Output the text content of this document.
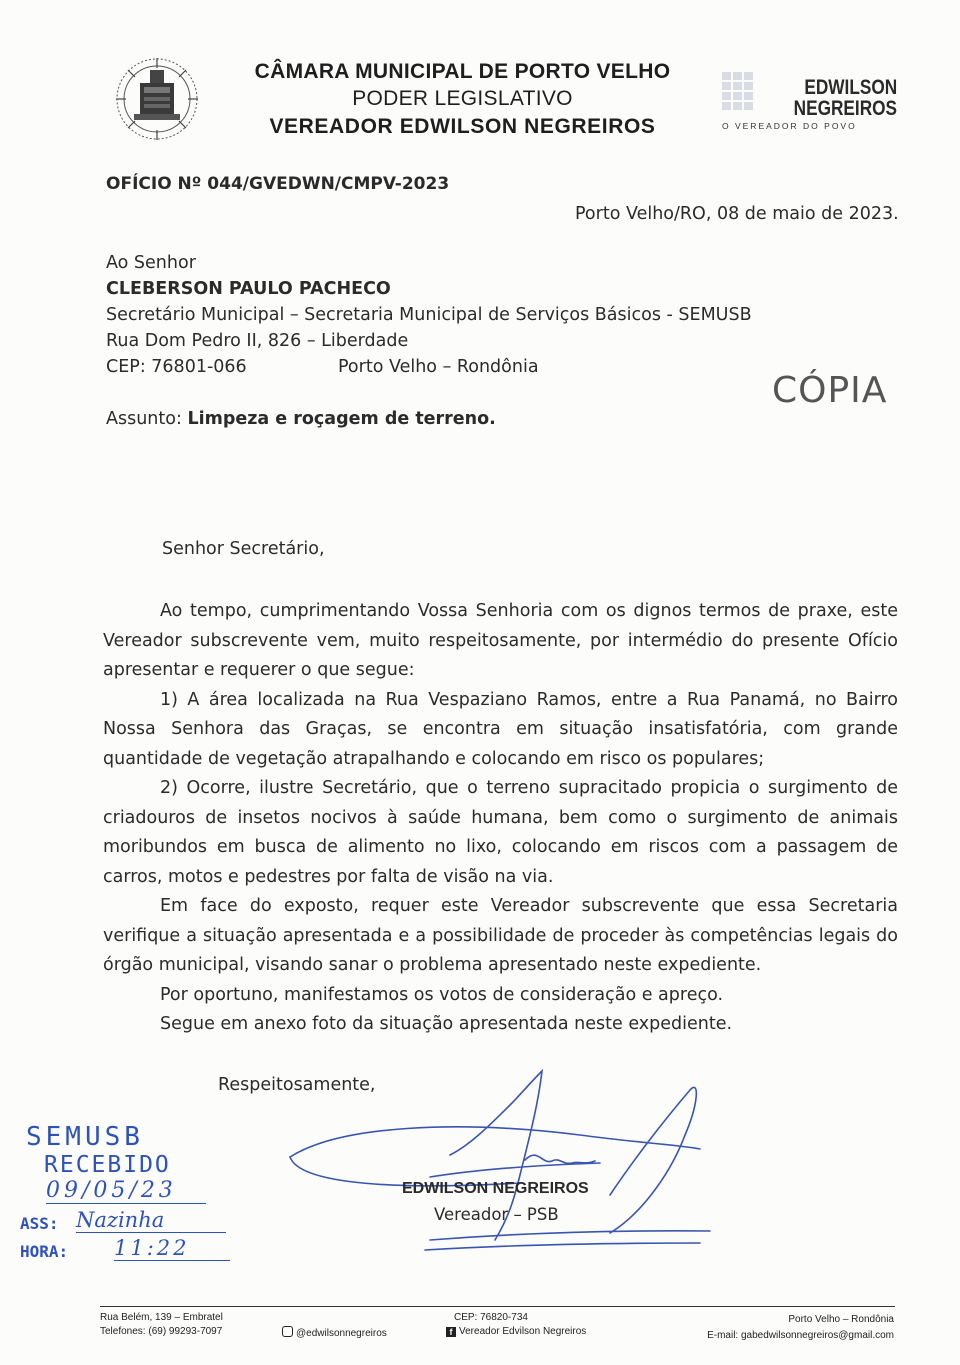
CÂMARA MUNICIPAL DE PORTO VELHO
PODER LEGISLATIVO
VEREADOR EDWILSON NEGREIROS
EDWILSON
NEGREIROS
O VEREADOR DO POVO
OFÍCIO Nº 044/GVEDWN/CMPV-2023
Porto Velho/RO, 08 de maio de 2023.
Ao Senhor
CLEBERSON PAULO PACHECO
Secretário Municipal – Secretaria Municipal de Serviços Básicos - SEMUSB
Rua Dom Pedro II, 826 – Liberdade
CEP: 76801-066	Porto Velho – Rondônia
CÓPIA
Assunto: Limpeza e roçagem de terreno.
Senhor Secretário,

Ao tempo, cumprimentando Vossa Senhoria com os dignos termos de praxe, este Vereador subscrevente vem, muito respeitosamente, por intermédio do presente Ofício apresentar e requerer o que segue:

1) A área localizada na Rua Vespaziano Ramos, entre a Rua Panamá, no Bairro Nossa Senhora das Graças, se encontra em situação insatisfatória, com grande quantidade de vegetação atrapalhando e colocando em risco os populares;

2) Ocorre, ilustre Secretário, que o terreno supracitado propicia o surgimento de criadouros de insetos nocivos à saúde humana, bem como o surgimento de animais moribundos em busca de alimento no lixo, colocando em riscos com a passagem de carros, motos e pedestres por falta de visão na via.

Em face do exposto, requer este Vereador subscrevente que essa Secretaria verifique a situação apresentada e a possibilidade de proceder às competências legais do órgão municipal, visando sanar o problema apresentado neste expediente.

Por oportuno, manifestamos os votos de consideração e apreço.

Segue em anexo foto da situação apresentada neste expediente.

Respeitosamente,
EDWILSON NEGREIROS
Vereador – PSB
SEMUSB
RECEBIDO
09/05/23
ASS: Nazinha
HORA: 11:22
Rua Belém, 139 – Embratel
Telefones: (69) 99293-7097	@edwilsonnegreiros
CEP: 76820-734
f Vereador Edvilson Negreiros
Porto Velho – Rondônia
E-mail: gabedwilsonnegreiros@gmail.com
